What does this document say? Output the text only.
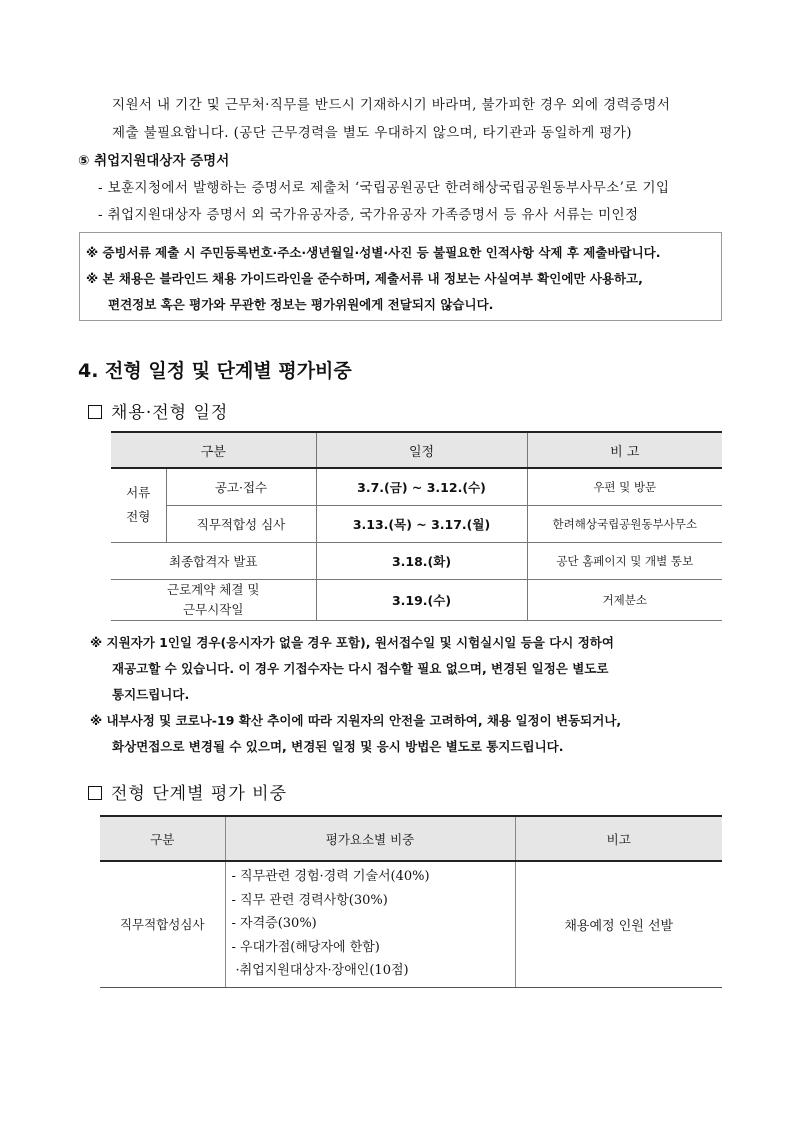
지원서 내 기간 및 근무처·직무를 반드시 기재하시기 바라며, 불가피한 경우 외에 경력증명서
제출 불필요합니다. (공단 근무경력을 별도 우대하지 않으며, 타기관과 동일하게 평가)
⑤ 취업지원대상자 증명서
- 보훈지청에서 발행하는 증명서로 제출처 ‘국립공원공단 한려해상국립공원동부사무소’로 기입
- 취업지원대상자 증명서 외 국가유공자증, 국가유공자 가족증명서 등 유사 서류는 미인정
※ 증빙서류 제출 시 주민등록번호·주소·생년월일·성별·사진 등 불필요한 인적사항 삭제 후 제출바랍니다.
※ 본 채용은 블라인드 채용 가이드라인을 준수하며, 제출서류 내 정보는 사실여부 확인에만 사용하고,
편견정보 혹은 평가와 무관한 정보는 평가위원에게 전달되지 않습니다.
4. 전형 일정 및 단계별 평가비중
채용·전형 일정
구분		일정	비 고
서류
전형	공고·접수	3.7.(금) ~ 3.12.(수)	우편 및 방문
	직무적합성 심사	3.13.(목) ~ 3.17.(월)	한려해상국립공원동부사무소
최종합격자 발표		3.18.(화)	공단 홈페이지 및 개별 통보
근로계약 체결 및
근무시작일		3.19.(수)	거제분소
※ 지원자가 1인일 경우(응시자가 없을 경우 포함), 원서접수일 및 시험실시일 등을 다시 정하여
재공고할 수 있습니다. 이 경우 기접수자는 다시 접수할 필요 없으며, 변경된 일정은 별도로
통지드립니다.
※ 내부사정 및 코로나-19 확산 추이에 따라 지원자의 안전을 고려하여, 채용 일정이 변동되거나,
화상면접으로 변경될 수 있으며, 변경된 일정 및 응시 방법은 별도로 통지드립니다.
전형 단계별 평가 비중
구분	평가요소별 비중	비고
직무적합성심사	- 직무관련 경험·경력 기술서(40%)
- 직무 관련 경력사항(30%)
- 자격증(30%)
- 우대가점(해당자에 한함)
·취업지원대상자·장애인(10점)	채용예정 인원 선발
